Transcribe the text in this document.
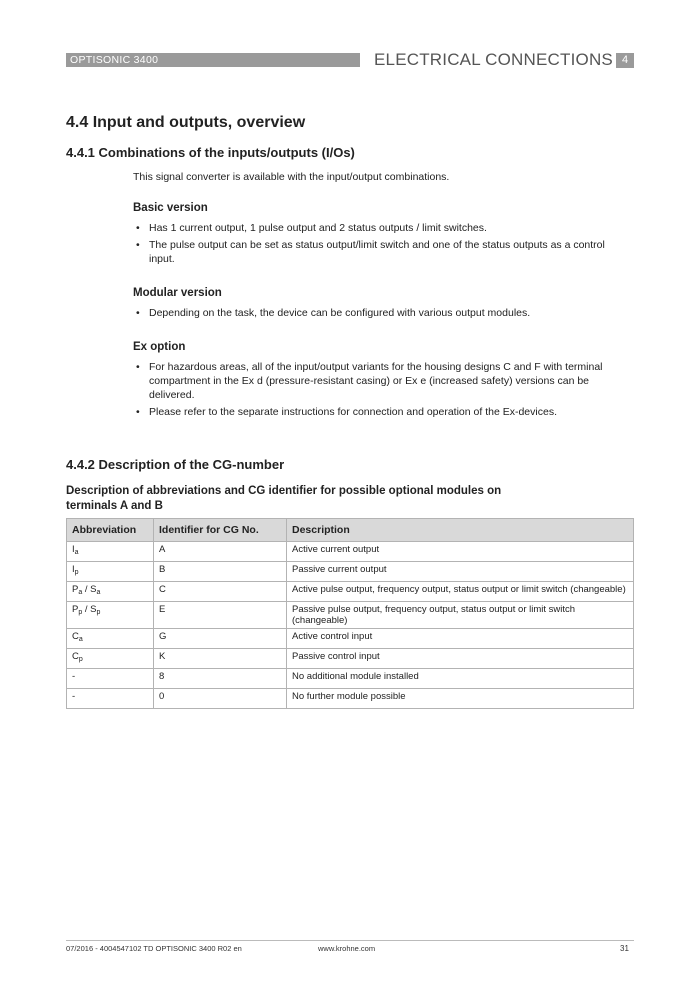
OPTISONIC 3400	ELECTRICAL CONNECTIONS 4
4.4 Input and outputs, overview
4.4.1 Combinations of the inputs/outputs (I/Os)
This signal converter is available with the input/output combinations.
Basic version
• Has 1 current output, 1 pulse output and 2 status outputs / limit switches.
• The pulse output can be set as status output/limit switch and one of the status outputs as a control input.
Modular version
• Depending on the task, the device can be configured with various output modules.
Ex option
• For hazardous areas, all of the input/output variants for the housing designs C and F with terminal compartment in the Ex d (pressure-resistant casing) or Ex e (increased safety) versions can be delivered.
• Please refer to the separate instructions for connection and operation of the Ex-devices.
4.4.2 Description of the CG-number
Description of abbreviations and CG identifier for possible optional modules on terminals A and B
Abbreviation	Identifier for CG No.	Description
$I_a$	A	Active current output
$I_p$	B	Passive current output
$P_a / S_a$	C	Active pulse output, frequency output, status output or limit switch (changeable)
$P_p / S_p$	E	Passive pulse output, frequency output, status output or limit switch (changeable)
$C_a$	G	Active control input
$C_p$	K	Passive control input
-	8	No additional module installed
-	0	No further module possible
07/2016 - 4004547102 TD OPTISONIC 3400 R02 en	www.krohne.com	31
